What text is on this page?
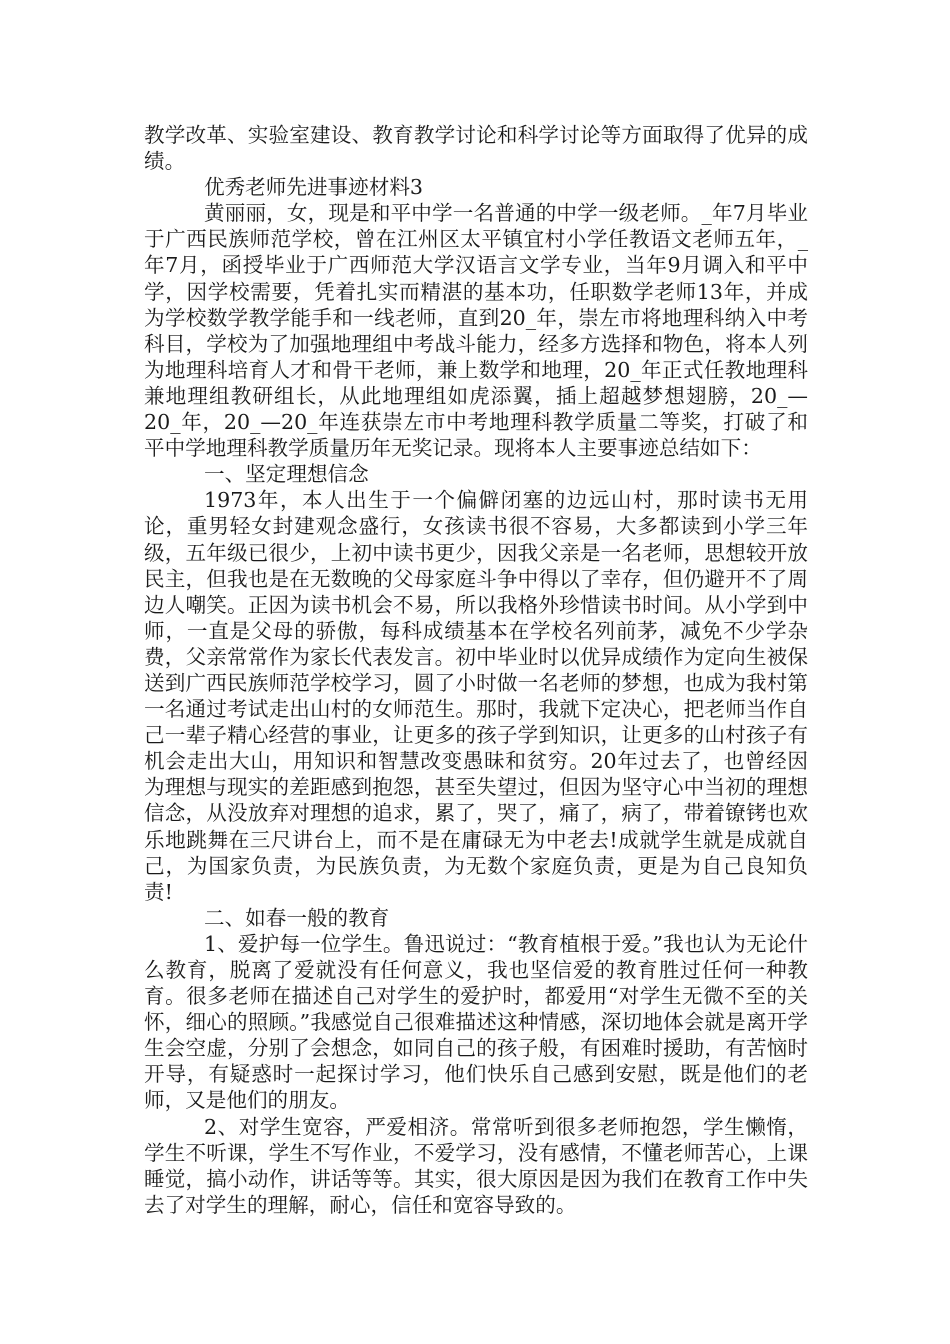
教学改革、实验室建设、教育教学讨论和科学讨论等方面取得了优异的成绩。

优秀老师先进事迹材料3

黄丽丽，女，现是和平中学一名普通的中学一级老师。_年7月毕业于广西民族师范学校，曾在江州区太平镇宜村小学任教语文老师五年，_年7月，函授毕业于广西师范大学汉语言文学专业，当年9月调入和平中学，因学校需要，凭着扎实而精湛的基本功，任职数学老师13年，并成为学校数学教学能手和一线老师，直到20_年，崇左市将地理科纳入中考科目，学校为了加强地理组中考战斗能力，经多方选择和物色，将本人列为地理科培育人才和骨干老师，兼上数学和地理，20_年正式任教地理科兼地理组教研组长，从此地理组如虎添翼，插上超越梦想翅膀，20_—20_年，20_—20_年连获崇左市中考地理科教学质量二等奖，打破了和平中学地理科教学质量历年无奖记录。现将本人主要事迹总结如下：

一、坚定理想信念

1973年，本人出生于一个偏僻闭塞的边远山村，那时读书无用论，重男轻女封建观念盛行，女孩读书很不容易，大多都读到小学三年级，五年级已很少，上初中读书更少，因我父亲是一名老师，思想较开放民主，但我也是在无数晚的父母家庭斗争中得以了幸存，但仍避开不了周边人嘲笑。正因为读书机会不易，所以我格外珍惜读书时间。从小学到中师，一直是父母的骄傲，每科成绩基本在学校名列前茅，减免不少学杂费，父亲常常作为家长代表发言。初中毕业时以优异成绩作为定向生被保送到广西民族师范学校学习，圆了小时做一名老师的梦想，也成为我村第一名通过考试走出山村的女师范生。那时，我就下定决心，把老师当作自己一辈子精心经营的事业，让更多的孩子学到知识，让更多的山村孩子有机会走出大山，用知识和智慧改变愚昧和贫穷。20年过去了，也曾经因为理想与现实的差距感到抱怨，甚至失望过，但因为坚守心中当初的理想信念，从没放弃对理想的追求，累了，哭了，痛了，病了，带着镣铐也欢乐地跳舞在三尺讲台上，而不是在庸碌无为中老去!成就学生就是成就自己，为国家负责，为民族负责，为无数个家庭负责，更是为自己良知负责!

二、如春一般的教育

1、爱护每一位学生。鲁迅说过：“教育植根于爱。”我也认为无论什么教育，脱离了爱就没有任何意义，我也坚信爱的教育胜过任何一种教育。很多老师在描述自己对学生的爱护时，都爱用“对学生无微不至的关怀，细心的照顾。”我感觉自己很难描述这种情感，深切地体会就是离开学生会空虚，分别了会想念，如同自己的孩子般，有困难时援助，有苦恼时开导，有疑惑时一起探讨学习，他们快乐自己感到安慰，既是他们的老师，又是他们的朋友。

2、对学生宽容，严爱相济。常常听到很多老师抱怨，学生懒惰，学生不听课，学生不写作业，不爱学习，没有感情，不懂老师苦心，上课睡觉，搞小动作，讲话等等。其实，很大原因是因为我们在教育工作中失去了对学生的理解，耐心，信任和宽容导致的。
